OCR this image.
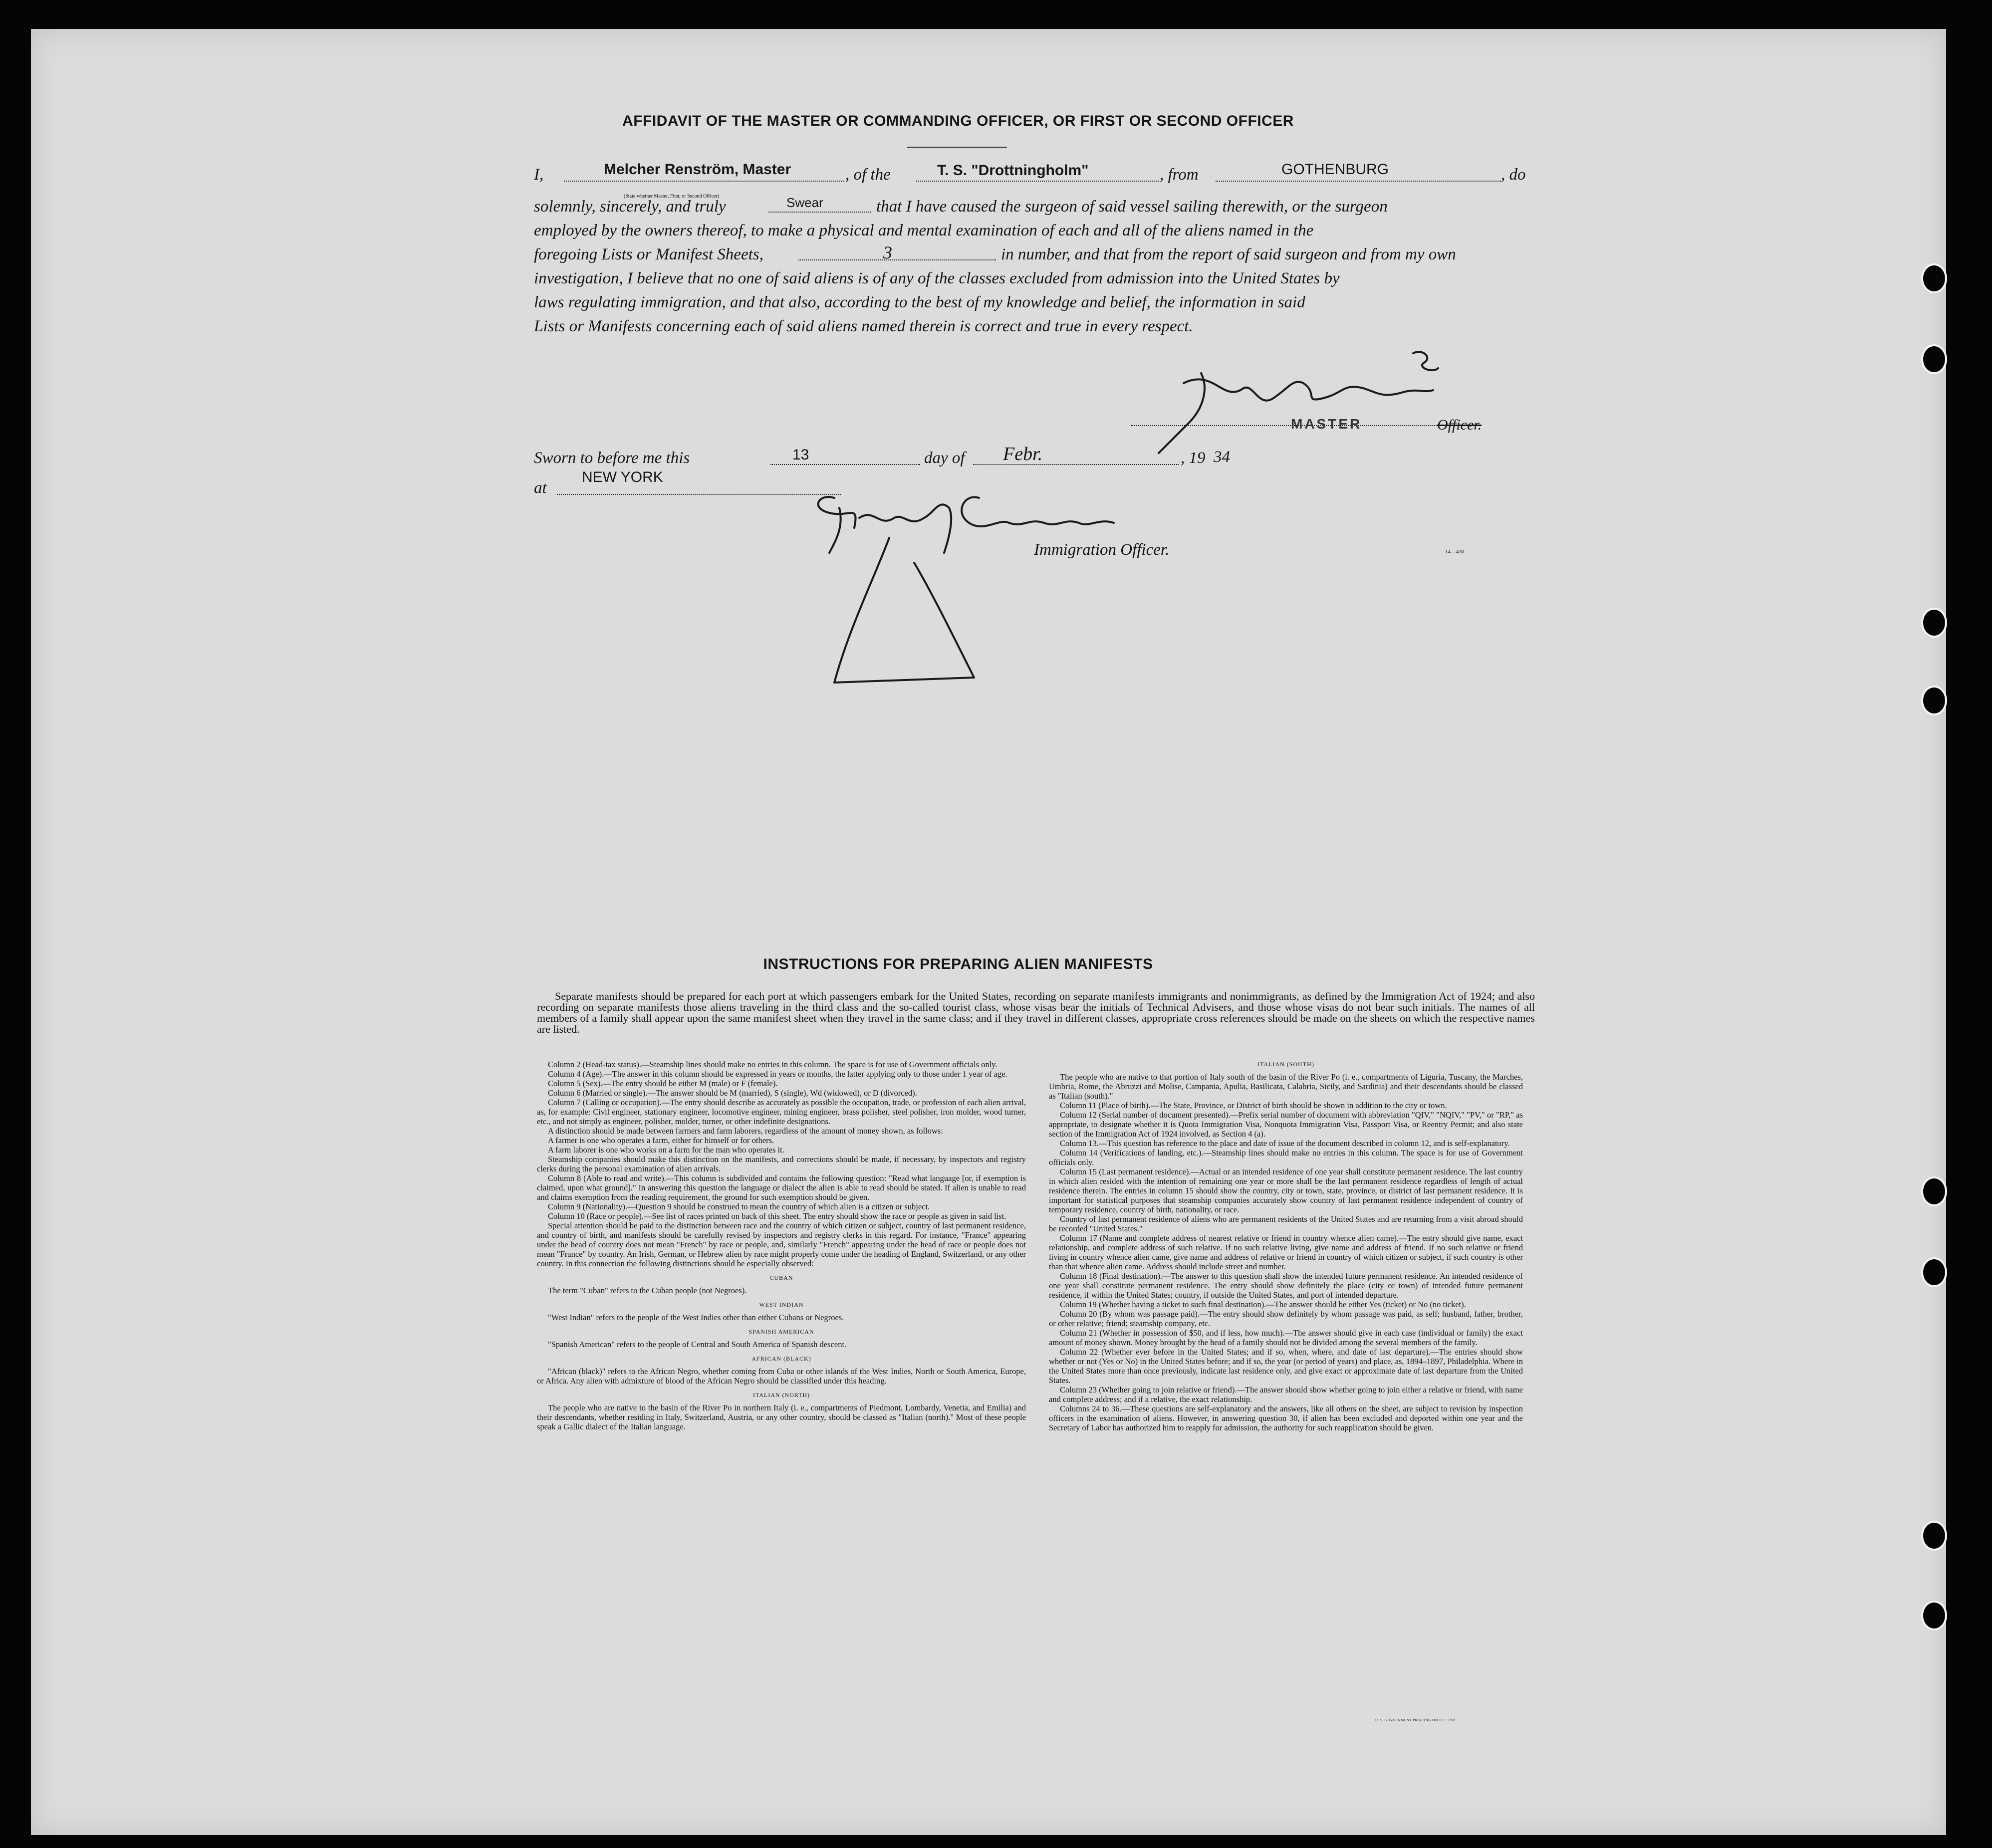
AFFIDAVIT OF THE MASTER OR COMMANDING OFFICER, OR FIRST OR SECOND OFFICER
I,	Melcher Renström, Master
(State whether Master, First, or Second Officer)
, of the	T. S. "Drottningholm"	, from	GOTHENBURG	, do
solemnly, sincerely, and truly	Swear	that I have caused the surgeon of said vessel sailing therewith, or the surgeon
employed by the owners thereof, to make a physical and mental examination of each and all of the aliens named in the
foregoing Lists or Manifest Sheets,	3	in number, and that from the report of said surgeon and from my own
investigation, I believe that no one of said aliens is of any of the classes excluded from admission into the United States by
laws regulating immigration, and that also, according to the best of my knowledge and belief, the information in said
Lists or Manifests concerning each of said aliens named therein is correct and true in every respect.
MASTER	Officer.
Sworn to before me this	13	day of Febr.	, 19 34
at
NEW YORK
Immigration Officer.	14—430
INSTRUCTIONS FOR PREPARING ALIEN MANIFESTS
Separate manifests should be prepared for each port at which passengers embark for the United States, recording on separate manifests immigrants and nonimmigrants, as defined by the Immigration Act of 1924; and also recording on separate manifests those aliens traveling in the third class and the so-called tourist class, whose visas bear the initials of Technical Advisers, and those whose visas do not bear such initials. The names of all members of a family shall appear upon the same manifest sheet when they travel in the same class; and if they travel in different classes, appropriate cross references should be made on the sheets on which the respective names are listed.

Column 2 (Head-tax status).—Steamship lines should make no entries in this column. The space is for use of Government officials only.

Column 4 (Age).—The answer in this column should be expressed in years or months, the latter applying only to those under 1 year of age.

Column 5 (Sex).—The entry should be either M (male) or F (female).

Column 6 (Married or single).—The answer should be M (married), S (single), Wd (widowed), or D (divorced).

Column 7 (Calling or occupation).—The entry should describe as accurately as possible the occupation, trade, or profession of each alien arrival, as, for example: Civil engineer, stationary engineer, locomotive engineer, mining engineer, brass polisher, steel polisher, iron molder, wood turner, etc., and not simply as engineer, polisher, molder, turner, or other indefinite designations.

A distinction should be made between farmers and farm laborers, regardless of the amount of money shown, as follows:

A farmer is one who operates a farm, either for himself or for others.

A farm laborer is one who works on a farm for the man who operates it.

Steamship companies should make this distinction on the manifests, and corrections should be made, if necessary, by inspectors and registry clerks during the personal examination of alien arrivals.

Column 8 (Able to read and write).—This column is subdivided and contains the following question: "Read what language [or, if exemption is claimed, upon what ground]." In answering this question the language or dialect the alien is able to read should be stated. If alien is unable to read and claims exemption from the reading requirement, the ground for such exemption should be given.

Column 9 (Nationality).—Question 9 should be construed to mean the country of which alien is a citizen or subject.

Column 10 (Race or people).—See list of races printed on back of this sheet. The entry should show the race or people as given in said list.

Special attention should be paid to the distinction between race and the country of which citizen or subject, country of last permanent residence, and country of birth, and manifests should be carefully revised by inspectors and registry clerks in this regard. For instance, "France" appearing under the head of country does not mean "French" by race or people, and, similarly "French" appearing under the head of race or people does not mean "France" by country. An Irish, German, or Hebrew alien by race might properly come under the heading of England, Switzerland, or any other country. In this connection the following distinctions should be especially observed:

CUBAN

The term "Cuban" refers to the Cuban people (not Negroes).

WEST INDIAN

"West Indian" refers to the people of the West Indies other than either Cubans or Negroes.

SPANISH AMERICAN

"Spanish American" refers to the people of Central and South America of Spanish descent.

AFRICAN (BLACK)

"African (black)" refers to the African Negro, whether coming from Cuba or other islands of the West Indies, North or South America, Europe, or Africa. Any alien with admixture of blood of the African Negro should be classified under this heading.

ITALIAN (NORTH)

The people who are native to the basin of the River Po in northern Italy (i. e., compartments of Piedmont, Lombardy, Venetia, and Emilia) and their descendants, whether residing in Italy, Switzerland, Austria, or any other country, should be classed as "Italian (north)." Most of these people speak a Gallic dialect of the Italian language.

ITALIAN (SOUTH)

The people who are native to that portion of Italy south of the basin of the River Po (i. e., compartments of Liguria, Tuscany, the Marches, Umbria, Rome, the Abruzzi and Molise, Campania, Apulia, Basilicata, Calabria, Sicily, and Sardinia) and their descendants should be classed as "Italian (south)."

Column 11 (Place of birth).—The State, Province, or District of birth should be shown in addition to the city or town.

Column 12 (Serial number of document presented).—Prefix serial number of document with abbreviation "QIV," "NQIV," "PV," or "RP," as appropriate, to designate whether it is Quota Immigration Visa, Nonquota Immigration Visa, Passport Visa, or Reentry Permit; and also state section of the Immigration Act of 1924 involved, as Section 4 (a).

Column 13.—This question has reference to the place and date of issue of the document described in column 12, and is self-explanatory.

Column 14 (Verifications of landing, etc.).—Steamship lines should make no entries in this column. The space is for use of Government officials only.

Column 15 (Last permanent residence).—Actual or an intended residence of one year shall constitute permanent residence. The last country in which alien resided with the intention of remaining one year or more shall be the last permanent residence regardless of length of actual residence therein. The entries in column 15 should show the country, city or town, state, province, or district of last permanent residence. It is important for statistical purposes that steamship companies accurately show country of last permanent residence independent of country of temporary residence, country of birth, nationality, or race.

Country of last permanent residence of aliens who are permanent residents of the United States and are returning from a visit abroad should be recorded "United States."

Column 17 (Name and complete address of nearest relative or friend in country whence alien came).—The entry should give name, exact relationship, and complete address of such relative. If no such relative living, give name and address of friend. If no such relative or friend living in country whence alien came, give name and address of relative or friend in country of which citizen or subject, if such country is other than that whence alien came. Address should include street and number.

Column 18 (Final destination).—The answer to this question shall show the intended future permanent residence. An intended residence of one year shall constitute permanent residence. The entry should show definitely the place (city or town) of intended future permanent residence, if within the United States; country, if outside the United States, and port of intended departure.

Column 19 (Whether having a ticket to such final destination).—The answer should be either Yes (ticket) or No (no ticket).

Column 20 (By whom was passage paid).—The entry should show definitely by whom passage was paid, as self; husband, father, brother, or other relative; friend; steamship company, etc.

Column 21 (Whether in possession of $50, and if less, how much).—The answer should give in each case (individual or family) the exact amount of money shown. Money brought by the head of a family should not be divided among the several members of the family.

Column 22 (Whether ever before in the United States; and if so, when, where, and date of last departure).—The entries should show whether or not (Yes or No) in the United States before; and if so, the year (or period of years) and place, as, 1894–1897, Philadelphia. Where in the United States more than once previously, indicate last residence only, and give exact or approximate date of last departure from the United States.

Column 23 (Whether going to join relative or friend).—The answer should show whether going to join either a relative or friend, with name and complete address; and if a relative, the exact relationship.

Columns 24 to 36.—These questions are self-explanatory and the answers, like all others on the sheet, are subject to revision by inspection officers in the examination of aliens. However, in answering question 30, if alien has been excluded and deported within one year and the Secretary of Labor has authorized him to reapply for admission, the authority for such reapplication should be given.

U. S. GOVERNMENT PRINTING OFFICE: 1931
